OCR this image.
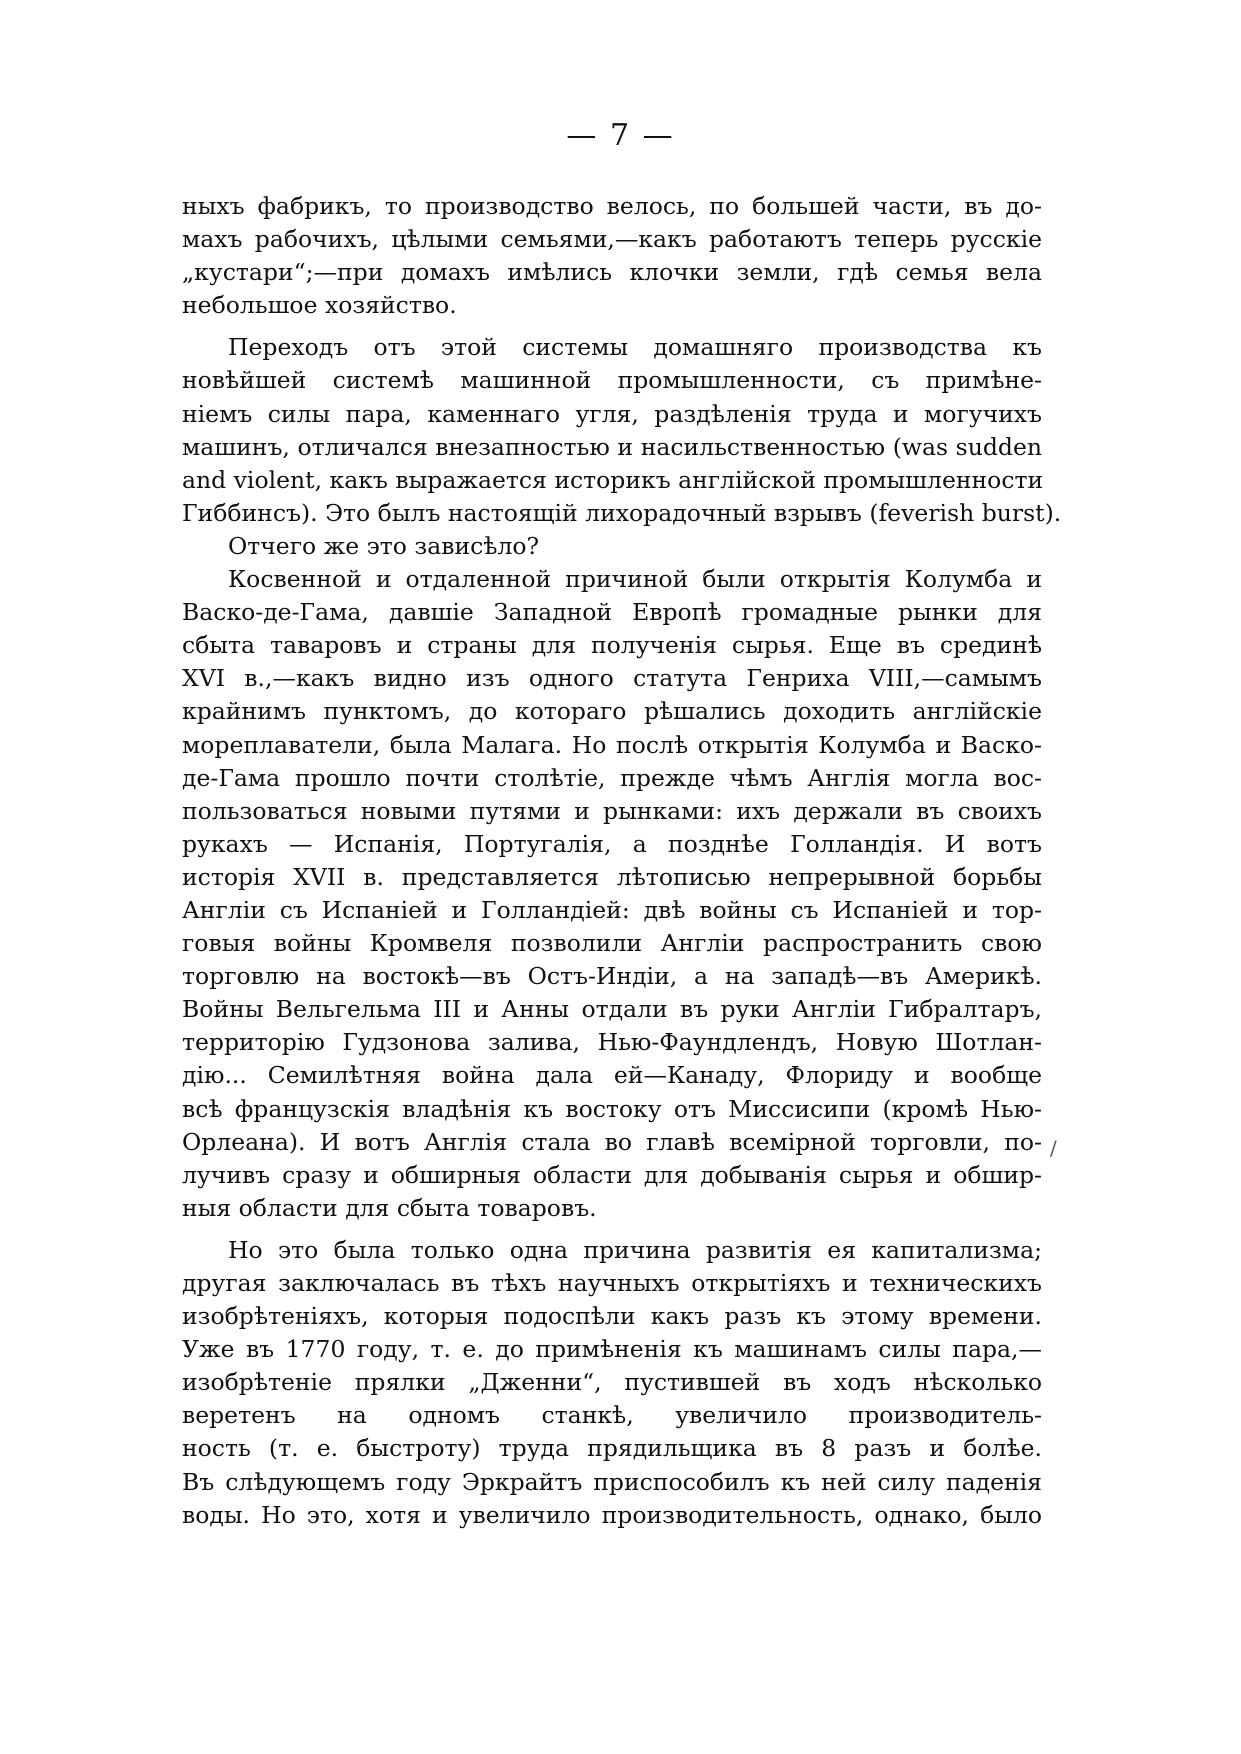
— 7 —
ныхъ фабрикъ, то производство велось, по большей части, въ до-
махъ рабочихъ, цѣлыми семьями,—какъ работаютъ теперь русскіе
„кустари“;—при домахъ имѣлись клочки земли, гдѣ семья вела
небольшое хозяйство.
Переходъ отъ этой системы домашняго производства къ
новѣйшей системѣ машинной промышленности, съ примѣне-
ніемъ силы пара, каменнаго угля, раздѣленія труда и могучихъ
машинъ, отличался внезапностью и насильственностью (was sudden
and violent, какъ выражается историкъ англійской промышленности
Гиббинсъ). Это былъ настоящій лихорадочный взрывъ (feverish burst).
Отчего же это зависѣло?
Косвенной и отдаленной причиной были открытія Колумба и
Васко-де-Гама, давшіе Западной Европѣ громадные рынки для
сбыта таваровъ и страны для полученія сырья. Еще въ срединѣ
XVI в.,—какъ видно изъ одного статута Генриха VIII,—самымъ
крайнимъ пунктомъ, до котораго рѣшались доходить англійскіе
мореплаватели, была Малага. Но послѣ открытія Колумба и Васко-
де-Гама прошло почти столѣтіе, прежде чѣмъ Англія могла вос-
пользоваться новыми путями и рынками: ихъ держали въ своихъ
рукахъ — Испанія, Португалія, а позднѣе Голландія. И вотъ
исторія XVII в. представляется лѣтописью непрерывной борьбы
Англіи съ Испаніей и Голландіей: двѣ войны съ Испаніей и тор-
говыя войны Кромвеля позволили Англіи распространить свою
торговлю на востокѣ—въ Остъ-Индіи, а на западѣ—въ Америкѣ.
Войны Вельгельма III и Анны отдали въ руки Англіи Гибралтаръ,
территорію Гудзонова залива, Нью-Фаундлендъ, Новую Шотлан-
дію... Семилѣтняя война дала ей—Канаду, Флориду и вообще
всѣ французскія владѣнія къ востоку отъ Миссисипи (кромѣ Нью-
Орлеана). И вотъ Англія стала во главѣ всемірной торговли, по-
лучивъ сразу и обширныя области для добыванія сырья и обшир-
ныя области для сбыта товаровъ.
Но это была только одна причина развитія ея капитализма;
другая заключалась въ тѣхъ научныхъ открытіяхъ и техническихъ
изобрѣтеніяхъ, которыя подоспѣли какъ разъ къ этому времени.
Уже въ 1770 году, т. е. до примѣненія къ машинамъ силы пара,—
изобрѣтеніе прялки „Дженни“, пустившей въ ходъ нѣсколько
веретенъ на одномъ станкѣ, увеличило производитель-
ность (т. е. быстроту) труда прядильщика въ 8 разъ и болѣе.
Въ слѣдующемъ году Эркрайтъ приспособилъ къ ней силу паденія
воды. Но это, хотя и увеличило производительность, однако, было
/
